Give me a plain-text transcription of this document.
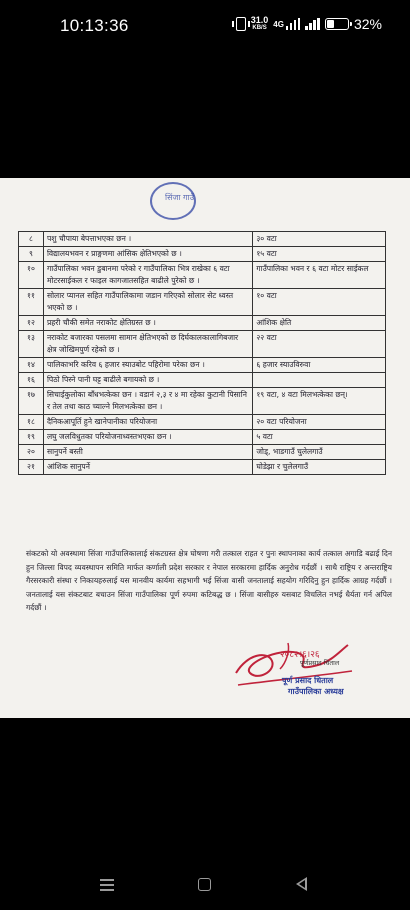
10:13:36	31.0
KB/S 4G	32%
सिंजा गाउँ
८	पशु चौपाया बेपत्ताभएका छन ।	३० वटा
९	विद्यालयभवन र प्राङ्गणमा आंसिक क्षेतिभएको छ ।	१५ वटा
१०	गाउँपालिका भवन डुबानमा परेको र गाउँपालिका भित्र राखेका ६ वटा मोटरसाईकल र फाइल कागजातसहित बाढीले पुरेको छ ।	गाउँपालिका भवन र ६ वटा मोटर साईकल
११	सोलार प्यानल सहित गाउँपालिकामा जडान गरिएको सोलार सेट ध्वस्त भएको छ ।	१० वटा
१२	प्रहरी चौकी समेत नराकोट क्षेतिग्रस्त छ ।	आंशिक क्षेति
१३	नराकोट बजारका पसलमा सामान क्षेतिभएको छ दिर्घकालकालागिबजार क्षेत्र जोखिमपुर्ण रहेको छ ।	२२ वटा
१४	पालिकाभरि करिव ६ हजार स्याउबोट पहिरोमा परेका छन ।	६ हजार स्याउविरुवा
१६	पिठो पिस्ने पानी घट्ट बाढीले बगायको छ ।	
१७	सिचाईकुलोका बाँधभत्केका छन । वडानं २,३ र ४ मा रहेका कुटानी पिसानि र तेल तथा काठ च्याल्ने मिलभत्केका छन ।	१९ वटा, ४ वटा मिलभत्केका छन्।
१८	दैनिकआपूर्ति हुने खानेपानीका परियोजना	२० वटा परियोजना
१९	लघु जलविधुतका परियोजनाध्वस्तभएका छन ।	५ वटा
२०	सानुपर्ने बस्ती	जोड्, भाडगाउँ चुलेलगाउँ
२१	आंशिक सानुपर्ने	घोडेझा र चुलेलगाउँ
संकटको यो अवस्थामा सिंजा गाउँपालिकालाई संकटग्रस्त क्षेत्र घोषणा गरी तत्काल राहत र पुनः स्थापनाका कार्य तत्काल अगाडि बढाई दिन हुन जिल्ला विपद व्यवस्थापन समिति मार्फत कर्णाली प्रदेश सरकार र नेपाल सरकारमा हार्दिक अनुरोध गर्दछौं । साथै राष्ट्रिय र अन्तराष्ट्रिय गैरसरकारी संस्था र निकायहरुलाई यस मानवीय कार्यमा सहभागी भई सिंजा वासी जनतालाई सहयोग गरिदिनु हुन हार्दिक आग्रह गर्दछौं । जनतालाई यस संकटबाट बचाउन सिंजा गाउँपालिका पूर्ण रुपमा कटिबद्ध छ । सिंजा बासीहरु यसबाट विचलित नभई धैर्यता गर्न अपिल गर्दछौं ।
२०८२।६।२६
पूर्णप्रसाद धिताल
पूर्ण प्रसाद धिताल
गाउँपालिका अध्यक्ष
